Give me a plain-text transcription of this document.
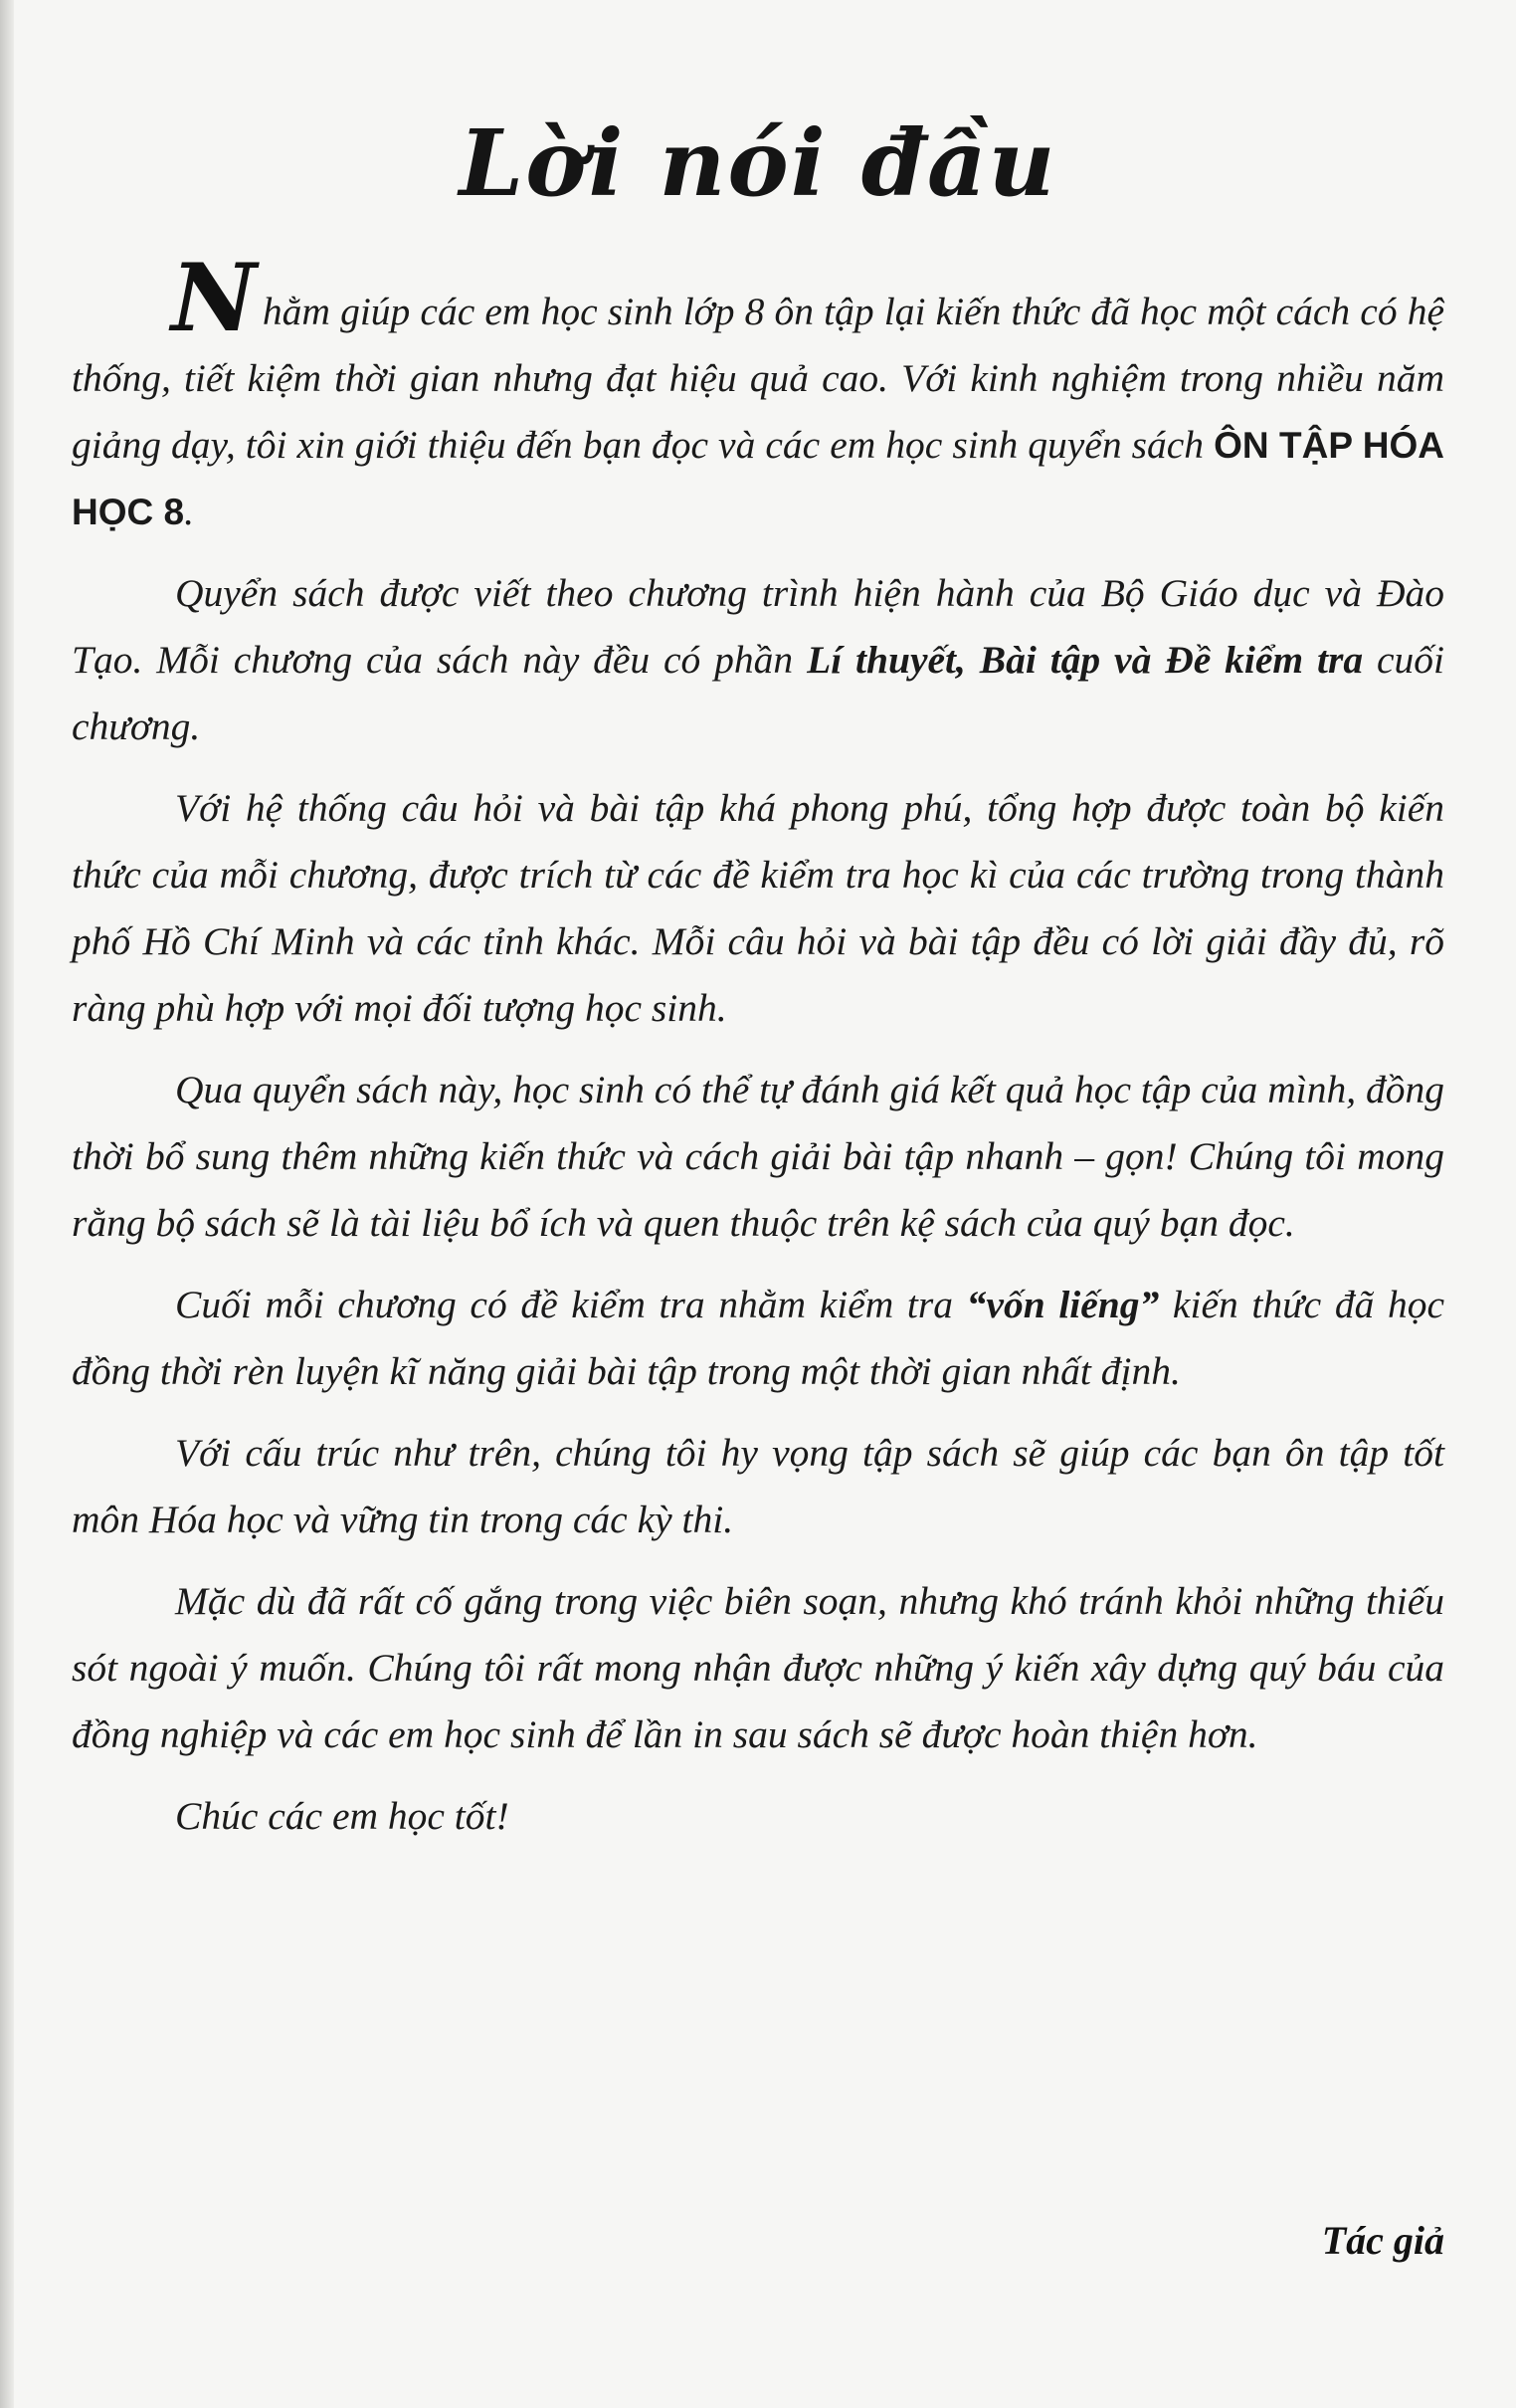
Lời nói đầu

Nhằm giúp các em học sinh lớp 8 ôn tập lại kiến thức đã học một cách có hệ thống, tiết kiệm thời gian nhưng đạt hiệu quả cao. Với kinh nghiệm trong nhiều năm giảng dạy, tôi xin giới thiệu đến bạn đọc và các em học sinh quyển sách ÔN TẬP HÓA HỌC 8.

Quyển sách được viết theo chương trình hiện hành của Bộ Giáo dục và Đào Tạo. Mỗi chương của sách này đều có phần Lí thuyết, Bài tập và Đề kiểm tra cuối chương.

Với hệ thống câu hỏi và bài tập khá phong phú, tổng hợp được toàn bộ kiến thức của mỗi chương, được trích từ các đề kiểm tra học kì của các trường trong thành phố Hồ Chí Minh và các tỉnh khác. Mỗi câu hỏi và bài tập đều có lời giải đầy đủ, rõ ràng phù hợp với mọi đối tượng học sinh.

Qua quyển sách này, học sinh có thể tự đánh giá kết quả học tập của mình, đồng thời bổ sung thêm những kiến thức và cách giải bài tập nhanh – gọn! Chúng tôi mong rằng bộ sách sẽ là tài liệu bổ ích và quen thuộc trên kệ sách của quý bạn đọc.

Cuối mỗi chương có đề kiểm tra nhằm kiểm tra “vốn liếng” kiến thức đã học đồng thời rèn luyện kĩ năng giải bài tập trong một thời gian nhất định.

Với cấu trúc như trên, chúng tôi hy vọng tập sách sẽ giúp các bạn ôn tập tốt môn Hóa học và vững tin trong các kỳ thi.

Mặc dù đã rất cố gắng trong việc biên soạn, nhưng khó tránh khỏi những thiếu sót ngoài ý muốn. Chúng tôi rất mong nhận được những ý kiến xây dựng quý báu của đồng nghiệp và các em học sinh để lần in sau sách sẽ được hoàn thiện hơn.

Chúc các em học tốt!

Tác giả
